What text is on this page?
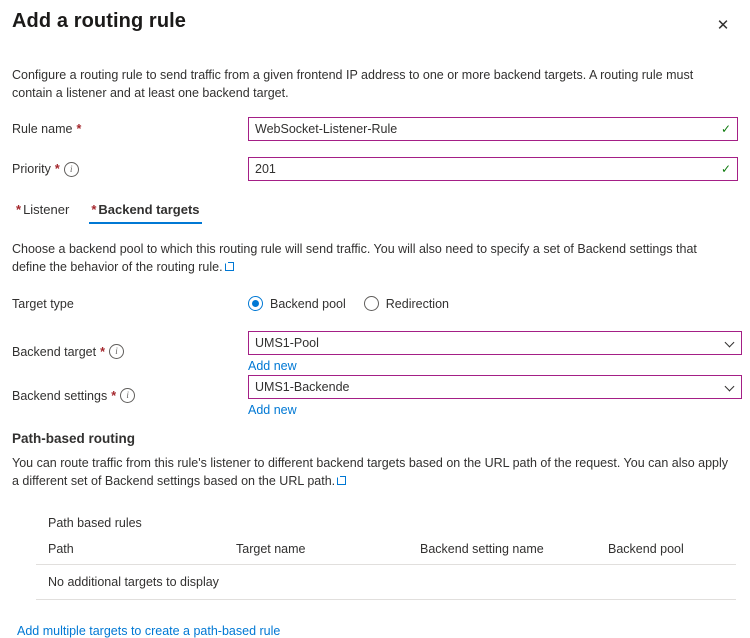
Add a routing rule	✕
Configure a routing rule to send traffic from a given frontend IP address to one or more backend targets. A routing rule must contain a listener and at least one backend target.
Rule name *
WebSocket-Listener-Rule	✓
Priority *	i
201	✓
* Listener * Backend targets
Choose a backend pool to which this routing rule will send traffic. You will also need to specify a set of Backend settings that define the behavior of the routing rule.
Target type	Backend pool	Redirection
Backend target *	i
UMS1-Pool
Add new
Backend settings *	i
UMS1-Backende
Add new
Path-based routing
You can route traffic from this rule's listener to different backend targets based on the URL path of the request. You can also apply a different set of Backend settings based on the URL path.
Path based rules
Path	Target name	Backend setting name	Backend pool
No additional targets to display
Add multiple targets to create a path-based rule
